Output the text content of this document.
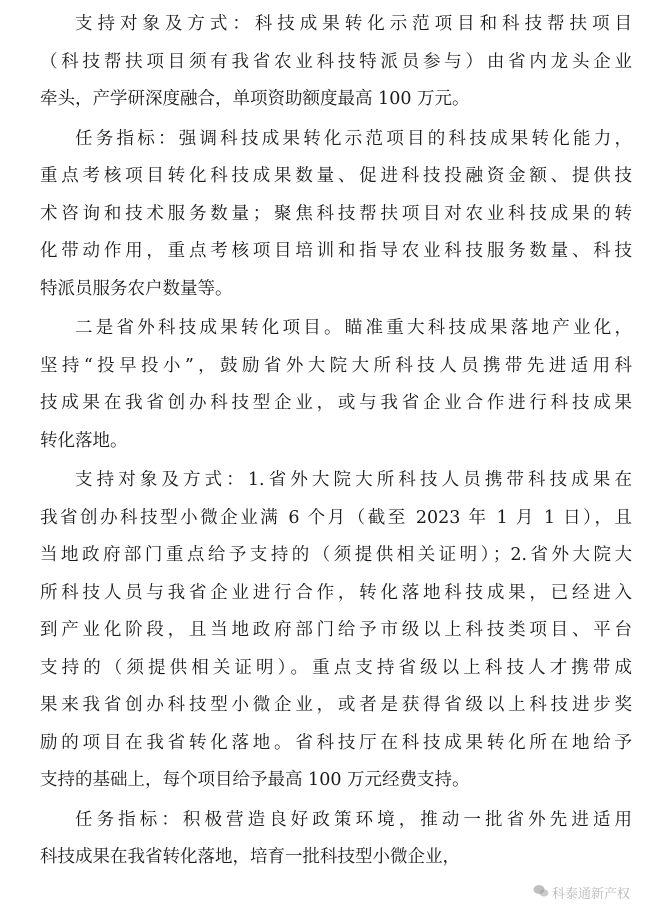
支持对象及方式：科技成果转化示范项目和科技帮扶项目
（科技帮扶项目须有我省农业科技特派员参与）由省内龙头企业
牵头，产学研深度融合，单项资助额度最高 100 万元。
任务指标：强调科技成果转化示范项目的科技成果转化能力，
重点考核项目转化科技成果数量、促进科技投融资金额、提供技
术咨询和技术服务数量；聚焦科技帮扶项目对农业科技成果的转
化带动作用，重点考核项目培训和指导农业科技服务数量、科技
特派员服务农户数量等。
二是省外科技成果转化项目。瞄准重大科技成果落地产业化，
坚持“投早投小”，鼓励省外大院大所科技人员携带先进适用科
技成果在我省创办科技型企业，或与我省企业合作进行科技成果
转化落地。
支持对象及方式：1.省外大院大所科技人员携带科技成果在
我省创办科技型小微企业满 6 个月（截至 2023 年 1 月 1 日），且
当地政府部门重点给予支持的（须提供相关证明）；2.省外大院大
所科技人员与我省企业进行合作，转化落地科技成果，已经进入
到产业化阶段，且当地政府部门给予市级以上科技类项目、平台
支持的（须提供相关证明）。重点支持省级以上科技人才携带成
果来我省创办科技型小微企业，或者是获得省级以上科技进步奖
励的项目在我省转化落地。省科技厅在科技成果转化所在地给予
支持的基础上，每个项目给予最高 100 万元经费支持。
任务指标：积极营造良好政策环境，推动一批省外先进适用
科技成果在我省转化落地，培育一批科技型小微企业，
科泰通新产权
